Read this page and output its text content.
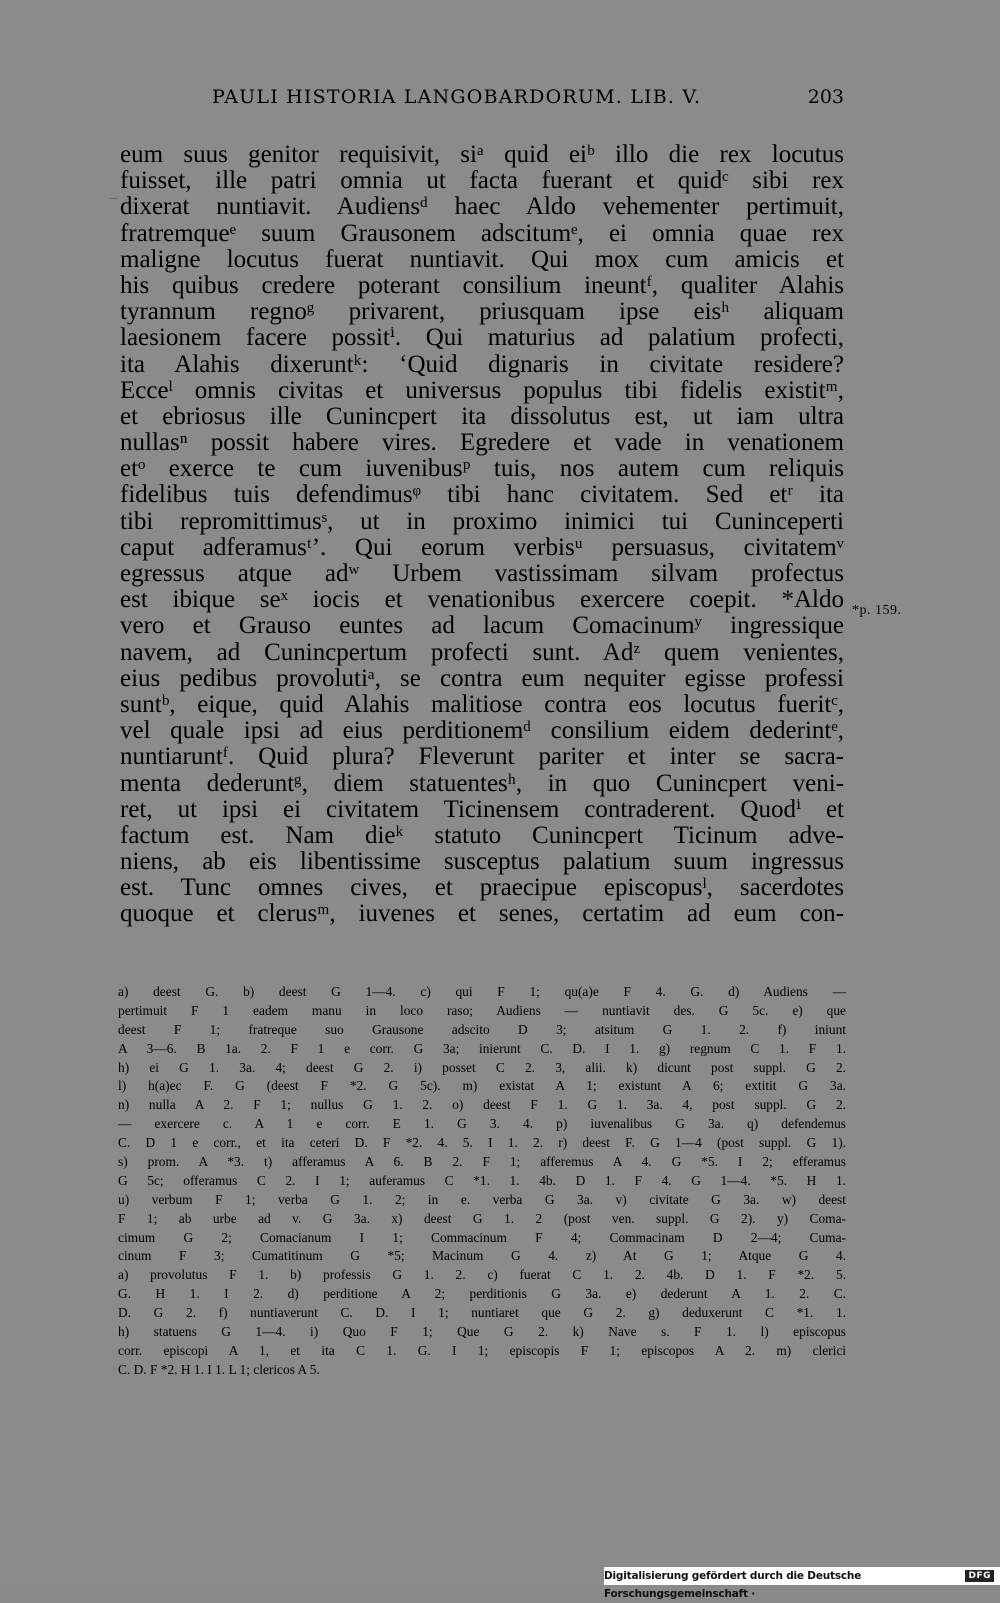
PAULI HISTORIA LANGOBARDORUM. LIB. V.	203
eum suus genitor requisivit, siᵃ quid eiᵇ illo die rex locutus
fuisset, ille patri omnia ut facta fuerant et quidᶜ sibi rex
dixerat nuntiavit. Audiensᵈ haec Aldo vehementer pertimuit,
fratremqueᵉ suum Grausonem adscitumᵉ, ei omnia quae rex
maligne locutus fuerat nuntiavit. Qui mox cum amicis et
his quibus credere poterant consilium ineuntᶠ, qualiter Alahis
tyrannum regnoᵍ privarent, priusquam ipse eisʰ aliquam
laesionem facere possitⁱ. Qui maturius ad palatium profecti,
ita Alahis dixeruntᵏ: ‘Quid dignaris in civitate residere?
Ecceˡ omnis civitas et universus populus tibi fidelis existitᵐ,
et ebriosus ille Cunincpert ita dissolutus est, ut iam ultra
nullasⁿ possit habere vires. Egredere et vade in venationem
etᵒ exerce te cum iuvenibusᵖ tuis, nos autem cum reliquis
fidelibus tuis defendimusᵠ tibi hanc civitatem. Sed etʳ ita
tibi repromittimusˢ, ut in proximo inimici tui Cuninceperti
caput adferamusᵗ’. Qui eorum verbisᵘ persuasus, civitatemᵛ
egressus atque adʷ Urbem vastissimam silvam profectus
est ibique seˣ iocis et venationibus exercere coepit. *Aldo
vero et Grauso euntes ad lacum Comacinumʸ ingressique
navem, ad Cunincpertum profecti sunt. Adᶻ quem venientes,
eius pedibus provolutiᵃ, se contra eum nequiter egisse professi
suntᵇ, eique, quid Alahis malitiose contra eos locutus fueritᶜ,
vel quale ipsi ad eius perditionemᵈ consilium eidem dederintᵉ,
nuntiaruntᶠ. Quid plura? Fleverunt pariter et inter se sacra-
menta dederuntᵍ, diem statuentesʰ, in quo Cunincpert veni-
ret, ut ipsi ei civitatem Ticinensem contraderent. Quodⁱ et
factum est. Nam dieᵏ statuto Cunincpert Ticinum adve-
niens, ab eis libentissime susceptus palatium suum ingressus
est. Tunc omnes cives, et praecipue episcopusˡ, sacerdotes
quoque et clerusᵐ, iuvenes et senes, certatim ad eum con-
*p. 159.
a) deest G. b) deest G 1—4. c) qui F 1; qu(a)e F 4. G. d) Audiens —
pertimuit F 1 eadem manu in loco raso; Audiens — nuntiavit des. G 5c. e) que
deest F 1; fratreque suo Grausone adscito D 3; atsitum G 1. 2. f) iniunt
A 3—6. B 1a. 2. F 1 e corr. G 3a; inierunt C. D. I 1. g) regnum C 1. F 1.
h) ei G 1. 3a. 4; deest G 2. i) posset C 2. 3, alii. k) dicunt post suppl. G 2.
l) h(a)ec F. G (deest F *2. G 5c). m) existat A 1; existunt A 6; extitit G 3a.
n) nulla A 2. F 1; nullus G 1. 2. o) deest F 1. G 1. 3a. 4, post suppl. G 2.
— exercere c. A 1 e corr. E 1. G 3. 4. p) iuvenalibus G 3a. q) defendemus
C. D 1 e corr., et ita ceteri D. F *2. 4. 5. I 1. 2. r) deest F. G 1—4 (post suppl. G 1).
s) prom. A *3. t) afferamus A 6. B 2. F 1; afferemus A 4. G *5. I 2; efferamus
G 5c; offeramus C 2. I 1; auferamus C *1. 1. 4b. D 1. F 4. G 1—4. *5. H 1.
u) verbum F 1; verba G 1. 2; in e. verba G 3a. v) civitate G 3a. w) deest
F 1; ab urbe ad v. G 3a. x) deest G 1. 2 (post ven. suppl. G 2). y) Coma-
cimum G 2; Comacianum I 1; Commacinum F 4; Commacinam D 2—4; Cuma-
cinum F 3; Cumatitinum G *5; Macinum G 4. z) At G 1; Atque G 4.
a) provolutus F 1. b) professis G 1. 2. c) fuerat C 1. 2. 4b. D 1. F *2. 5.
G. H 1. I 2. d) perditione A 2; perditionis G 3a. e) dederunt A 1. 2. C.
D. G 2. f) nuntiaverunt C. D. I 1; nuntiaret que G 2. g) deduxerunt C *1. 1.
h) statuens G 1—4. i) Quo F 1; Que G 2. k) Nave s. F 1. l) episcopus
corr. episcopi A 1, et ita C 1. G. I 1; episcopis F 1; episcopos A 2. m) clerici
C. D. F *2. H 1. I 1. L 1; clericos A 5.
Digitalisierung gefördert durch die Deutsche Forschungsgemeinschaft ·
DFG
